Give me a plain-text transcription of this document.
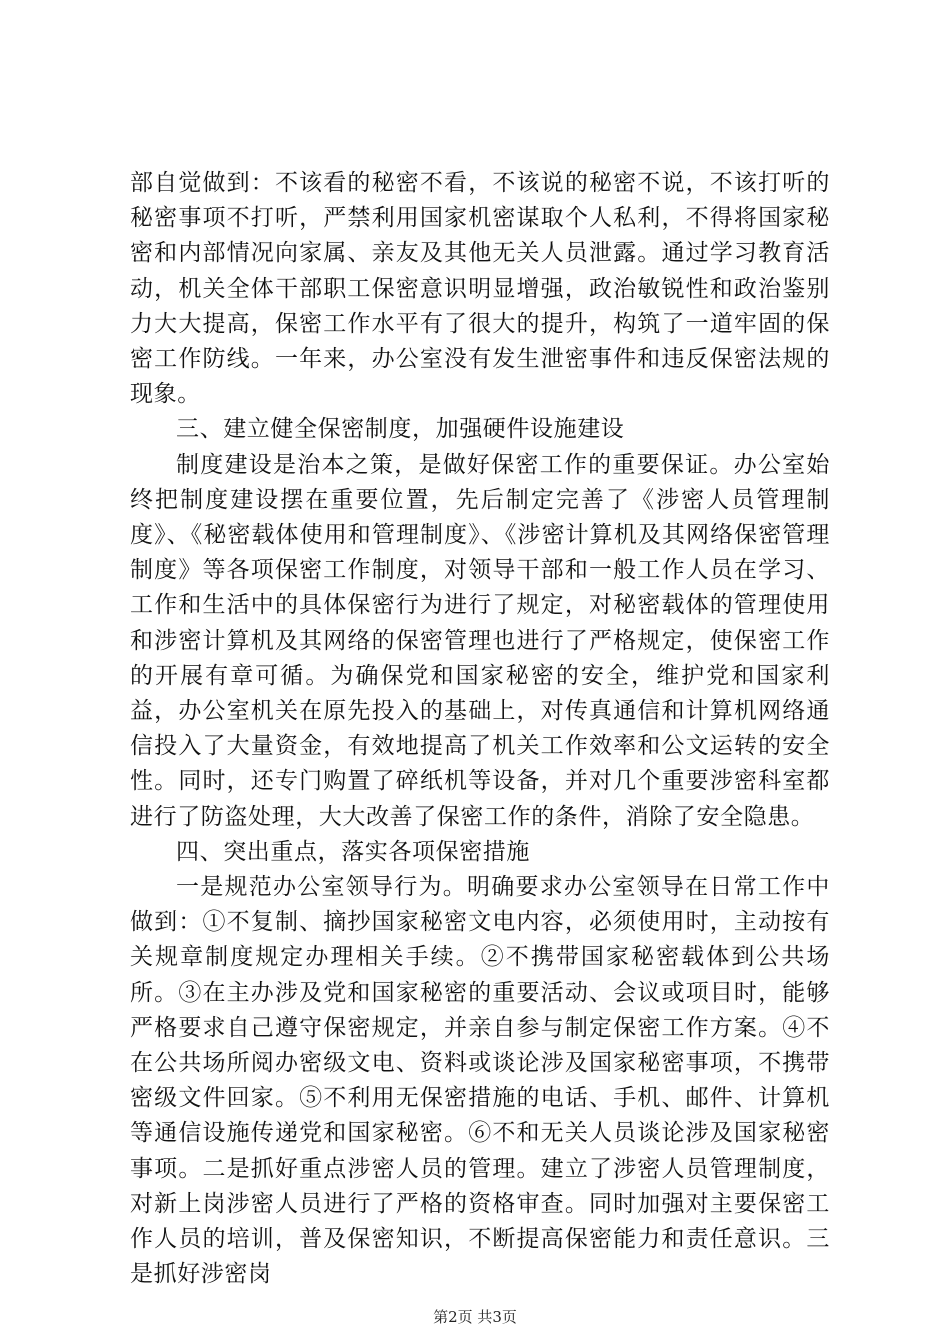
部自觉做到：不该看的秘密不看，不该说的秘密不说，不该打听的秘密事项不打听，严禁利用国家机密谋取个人私利，不得将国家秘密和内部情况向家属、亲友及其他无关人员泄露。通过学习教育活动，机关全体干部职工保密意识明显增强，政治敏锐性和政治鉴别力大大提高，保密工作水平有了很大的提升，构筑了一道牢固的保密工作防线。一年来，办公室没有发生泄密事件和违反保密法规的现象。

三、建立健全保密制度，加强硬件设施建设

制度建设是治本之策，是做好保密工作的重要保证。办公室始终把制度建设摆在重要位置，先后制定完善了《涉密人员管理制度》、《秘密载体使用和管理制度》、《涉密计算机及其网络保密管理制度》等各项保密工作制度，对领导干部和一般工作人员在学习、工作和生活中的具体保密行为进行了规定，对秘密载体的管理使用和涉密计算机及其网络的保密管理也进行了严格规定，使保密工作的开展有章可循。为确保党和国家秘密的安全，维护党和国家利益，办公室机关在原先投入的基础上，对传真通信和计算机网络通信投入了大量资金，有效地提高了机关工作效率和公文运转的安全性。同时，还专门购置了碎纸机等设备，并对几个重要涉密科室都进行了防盗处理，大大改善了保密工作的条件，消除了安全隐患。

四、突出重点，落实各项保密措施

一是规范办公室领导行为。明确要求办公室领导在日常工作中做到：①不复制、摘抄国家秘密文电内容，必须使用时，主动按有关规章制度规定办理相关手续。②不携带国家秘密载体到公共场所。③在主办涉及党和国家秘密的重要活动、会议或项目时，能够严格要求自己遵守保密规定，并亲自参与制定保密工作方案。④不在公共场所阅办密级文电、资料或谈论涉及国家秘密事项，不携带密级文件回家。⑤不利用无保密措施的电话、手机、邮件、计算机等通信设施传递党和国家秘密。⑥不和无关人员谈论涉及国家秘密事项。二是抓好重点涉密人员的管理。建立了涉密人员管理制度，对新上岗涉密人员进行了严格的资格审查。同时加强对主要保密工作人员的培训，普及保密知识，不断提高保密能力和责任意识。三是抓好涉密岗

第2页 共3页
